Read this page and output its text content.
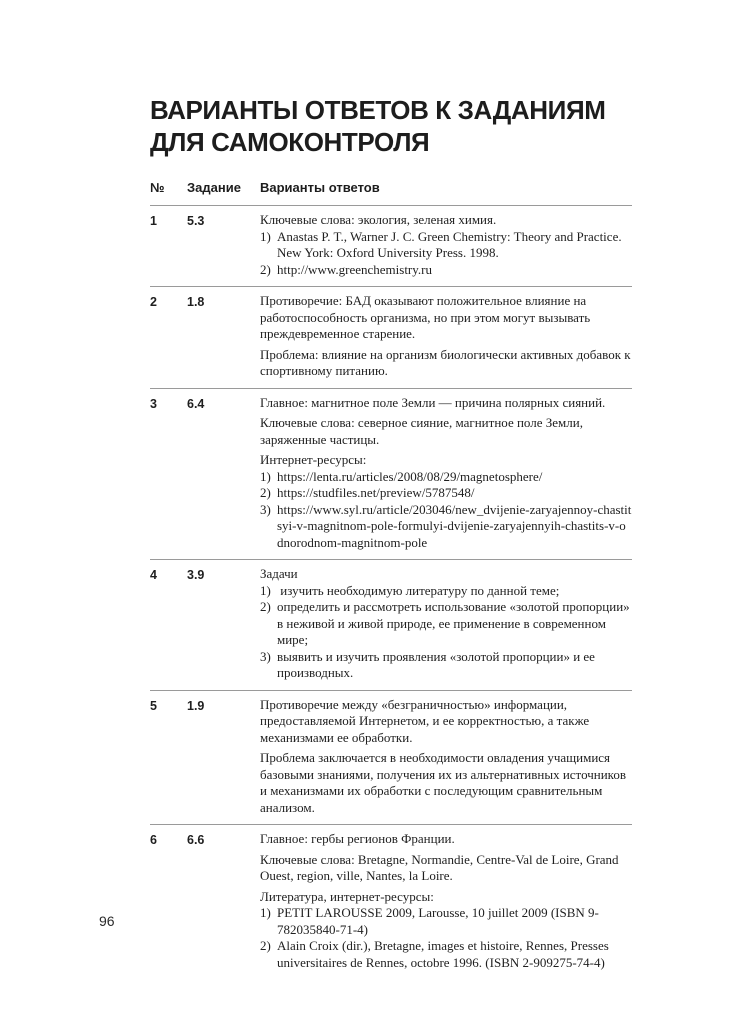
ВАРИАНТЫ ОТВЕТОВ К ЗАДАНИЯМ
ДЛЯ САМОКОНТРОЛЯ
№ Задание Варианты ответов
1 5.3	Ключевые слова: экология, зеленая химия.

1) Anastas P. T., Warner J. C. Green Chemistry: Theory and Practice. New York: Oxford University Press. 1998.
2) http://www.greenchemistry.ru
2 1.8	Противоречие: БАД оказывают положительное влияние на работоспособность организма, но при этом могут вызывать преждевременное старение.

Проблема: влияние на организм биологически активных добавок к спортивному питанию.

3 6.4	Главное: магнитное поле Земли — причина полярных сияний.

Ключевые слова: северное сияние, магнитное поле Земли, заряженные частицы.

Интернет-ресурсы:

1) https://lenta.ru/articles/2008/08/29/magnetosphere/
2) https://studfiles.net/preview/5787548/
3) https://www.syl.ru/article/203046/new_dvijenie-zaryajennoy-chastitsyi-v-magnitnom-pole-formulyi-dvijenie-zaryajennyih-chastits-v-odnorodnom-magnitnom-pole
4 3.9	Задачи

1) изучить необходимую литературу по данной теме;
2) определить и рассмотреть использование «золотой пропорции» в неживой и живой природе, ее применение в современном мире;
3) выявить и изучить проявления «золотой пропорции» и ее производных.
5 1.9	Противоречие между «безграничностью» информации, предоставляемой Интернетом, и ее корректностью, а также механизмами ее обработки.

Проблема заключается в необходимости овладения учащимися базовыми знаниями, получения их из альтернативных источников и механизмами их обработки с последующим сравнительным анализом.

6 6.6	Главное: гербы регионов Франции.

Ключевые слова: Bretagne, Normandie, Centre-Val de Loire, Grand Ouest, region, ville, Nantes, la Loire.

Литература, интернет-ресурсы:

1) PETIT LAROUSSE 2009, Larousse, 10 juillet 2009 (ISBN 9-782035840-71-4)
2) Alain Croix (dir.), Bretagne, images et histoire, Rennes, Presses universitaires de Rennes, octobre 1996. (ISBN 2-909275-74-4)
96
